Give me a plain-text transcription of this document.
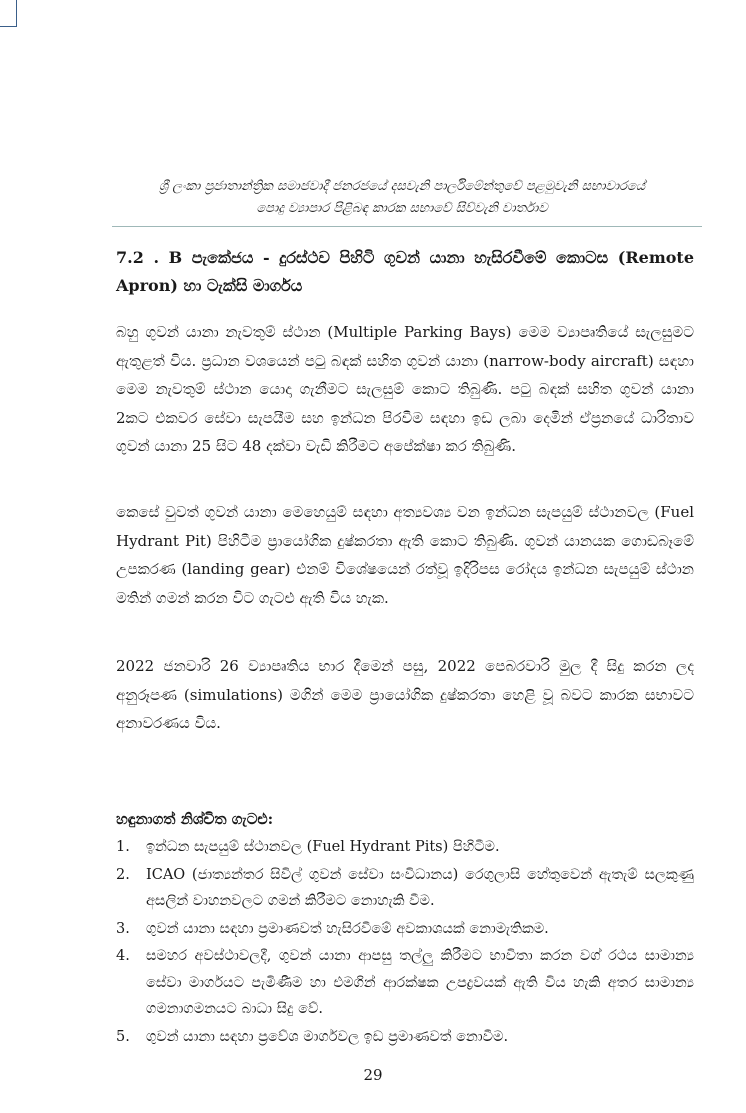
ශ්‍රී ලංකා ප්‍රජාතාන්ත්‍රික සමාජවාදී ජනරජයේ දසවැනි පාර්ලිමේන්තුවේ පළමුවැනි සභාවාරයේ
පොදු ව්‍යාපාර පිළිබඳ කාරක සභාවේ සිව්වැනි වාර්තාව
7.2 . B පැකේජය - දුරස්ථව පිහිටි ගුවන් යානා හැසිරවීමේ කොටස (Remote Apron) හා ටැක්සි මාර්ගය
බහු ගුවන් යානා නැවතුම් ස්ථාන (Multiple Parking Bays) මෙම ව්‍යාපෘතියේ සැලසුමට ඇතුළත් විය. ප්‍රධාන වශයෙන් පටු බඳක් සහිත ගුවන් යානා (narrow-body aircraft) සඳහා මෙම නැවතුම් ස්ථාන යොදා ගැනීමට සැලසුම් කොට තිබුණි. පටු බඳක් සහිත ගුවන් යානා 2කට එකවර සේවා සැපයීම සහ ඉන්ධන පිරවීම සඳහා ඉඩ ලබා දෙමින් ඒප්‍රනයේ ධාරිතාව ගුවන් යානා 25 සිට 48 දක්වා වැඩි කිරීමට අපේක්ෂා කර තිබුණි.
කෙසේ වුවත් ගුවන් යානා මෙහෙයුම් සඳහා අත්‍යවශ්‍ය වන ඉන්ධන සැපයුම් ස්ථානවල (Fuel Hydrant Pit) පිහිටීම ප්‍රායෝගික දුෂ්කරතා ඇති කොට තිබුණි. ගුවන් යානයක ගොඩබෑමේ උපකරණ (landing gear) එනම් විශේෂයෙන් රත්වූ ඉදිරිපස රෝදය ඉන්ධන සැපයුම් ස්ථාන මතින් ගමන් කරන විට ගැටළු ඇති විය හැක.
2022 ජනවාරි 26 ව්‍යාපෘතිය භාර දීමෙන් පසු, 2022 පෙබරවාරි මුල දී සිදු කරන ලද අනුරූපණ (simulations) මගින් මෙම ප්‍රායෝගික දුෂ්කරතා හෙළි වූ බවට කාරක සභාවට අනාවරණය විය.
හඳුනාගත් නිශ්චිත ගැටළු:
1.	ඉන්ධන සැපයුම් ස්ථානවල (Fuel Hydrant Pits) පිහිටීම.
2.	ICAO (ජාත්‍යන්තර සිවිල් ගුවන් සේවා සංවිධානය) රෙගුලාසි හේතුවෙන් ඇතැම් සලකුණු අසලින් වාහනවලට ගමන් කිරීමට නොහැකි වීම.
3.	ගුවන් යානා සඳහා ප්‍රමාණවත් හැසිරවීමේ අවකාශයක් නොමැතිකම.
4.	සමහර අවස්ථාවලදී, ගුවන් යානා ආපසු තල්ලු කිරීමට භාවිතා කරන වග් රථය සාමාන්‍ය සේවා මාර්ගයට පැමිණීම හා එමගින් ආරක්ෂක උපද්‍රවයක් ඇති විය හැකි අතර සාමාන්‍ය ගමනාගමනයට බාධා සිදු වේ.
5.	ගුවන් යානා සඳහා ප්‍රවේශ මාර්ගවල ඉඩ ප්‍රමාණවත් නොවීම.
29
